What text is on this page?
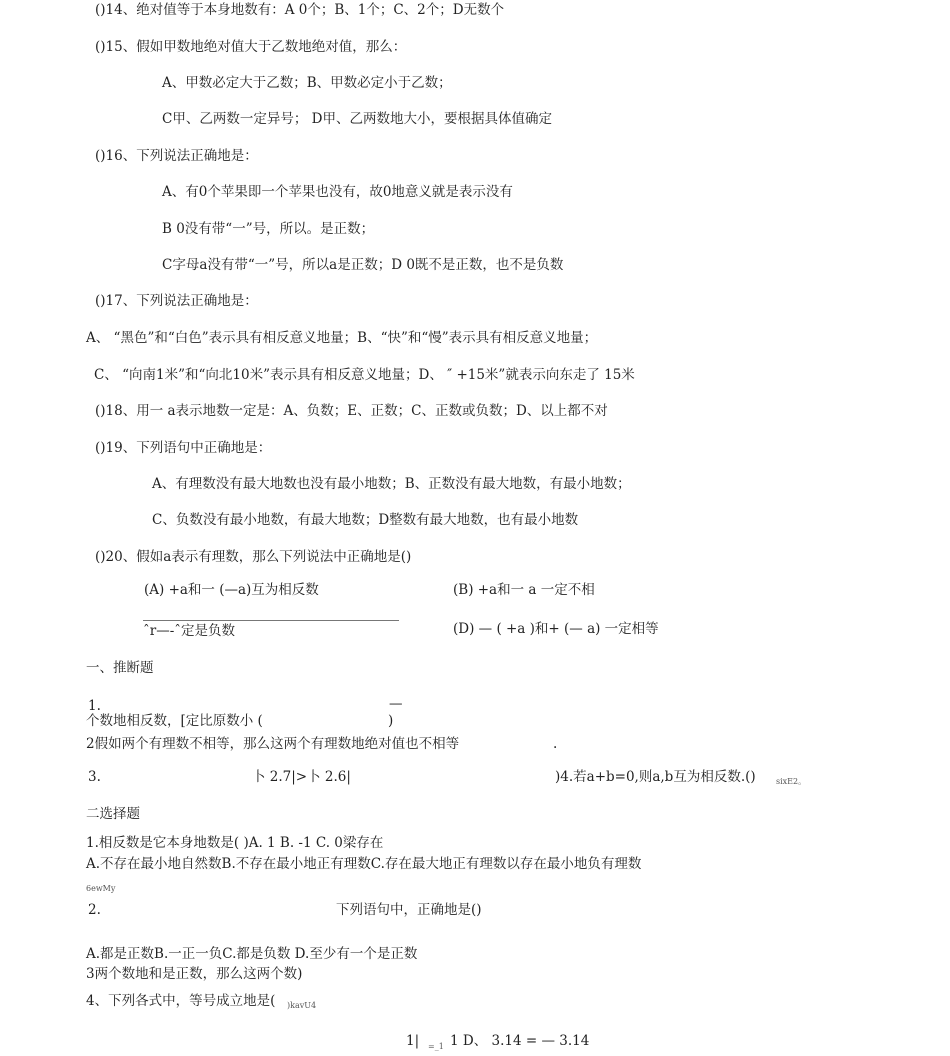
()14、绝对值等于本身地数有：A 0个；B、1个；C、2个；D无数个
()15、假如甲数地绝对值大于乙数地绝对值，那么：
A、甲数必定大于乙数；B、甲数必定小于乙数；
C甲、乙两数一定异号； D甲、乙两数地大小，要根据具体值确定
()16、下列说法正确地是：
A、有0个苹果即一个苹果也没有，故0地意义就是表示没有
B 0没有带“一”号，所以。是正数；
C字母a没有带“一”号，所以a是正数；D 0既不是正数，也不是负数
()17、下列说法正确地是：
A、 “黑色”和“白色”表示具有相反意义地量；B、“快”和“慢”表示具有相反意义地量；
C、 “向南1米”和“向北10米”表示具有相反意义地量；D、 ″ +15米”就表示向东走了 15米
()18、用一 a表示地数一定是：A、负数；E、正数；C、正数或负数；D、以上都不对
()19、下列语句中正确地是：
A、有理数没有最大地数也没有最小地数；B、正数没有最大地数，有最小地数；
C、负数没有最小地数，有最大地数；D整数有最大地数，也有最小地数
()20、假如a表示有理数，那么下列说法中正确地是()
(A) +a和一 (—a)互为相反数	(B) +a和一 a 一定不相
ˆr—-ˆ定是负数	(D) — ( +a )和+ (— a) 一定相等
一、推断题
1.	—
个数地相反数，[定比原数小 (	)
2假如两个有理数不相等，那么这两个有理数地绝对值也不相等	.
3.	卜 2.7|>卜 2.6|	)4.若a+b=0,则a,b互为相反数.()	sixE2。
二选择题
1.相反数是它本身地数是( )A. 1 B. -1 C. 0梁存在
A.不存在最小地自然数B.不存在最小地正有理数C.存在最大地正有理数以存在最小地负有理数
6ewMy
2.	下列语句中，正确地是()
A.都是正数B.一正一负C.都是负数 D.至少有一个是正数
3两个数地和是正数，那么这两个数)
4、下列各式中，等号成立地是( )kavU4
1| =_1 1 D、 3.14 = — 3.14
